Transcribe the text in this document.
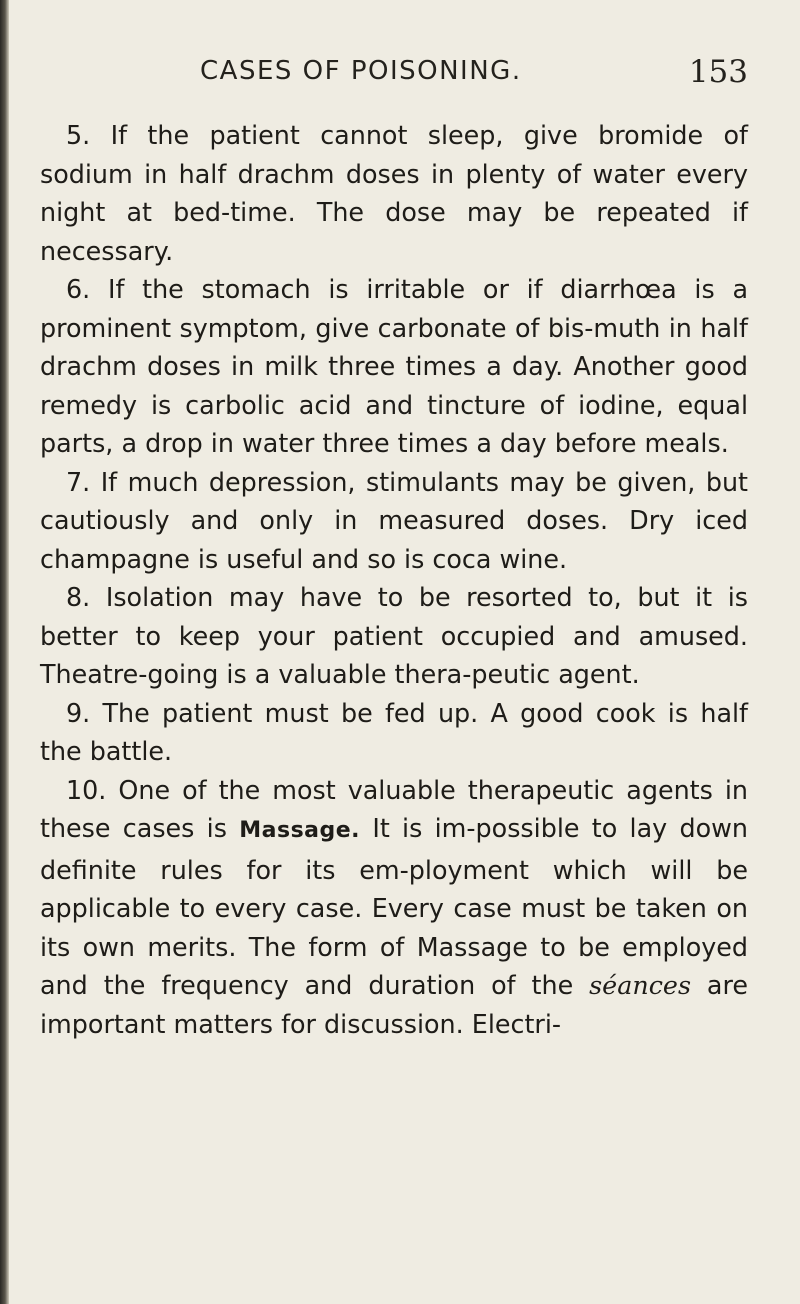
CASES OF POISONING.	153

5. If the patient cannot sleep, give bromide of sodium in half drachm doses in plenty of water every night at bed-time. The dose may be repeated if necessary.

6. If the stomach is irritable or if diarrhœa is a prominent symptom, give carbonate of bis-muth in half drachm doses in milk three times a day. Another good remedy is carbolic acid and tincture of iodine, equal parts, a drop in water three times a day before meals.

7. If much depression, stimulants may be given, but cautiously and only in measured doses. Dry iced champagne is useful and so is coca wine.

8. Isolation may have to be resorted to, but it is better to keep your patient occupied and amused. Theatre-going is a valuable thera-peutic agent.

9. The patient must be fed up. A good cook is half the battle.

10. One of the most valuable therapeutic agents in these cases is Massage. It is im-possible to lay down definite rules for its em-ployment which will be applicable to every case. Every case must be taken on its own merits. The form of Massage to be employed and the frequency and duration of the séances are important matters for discussion. Electri-
